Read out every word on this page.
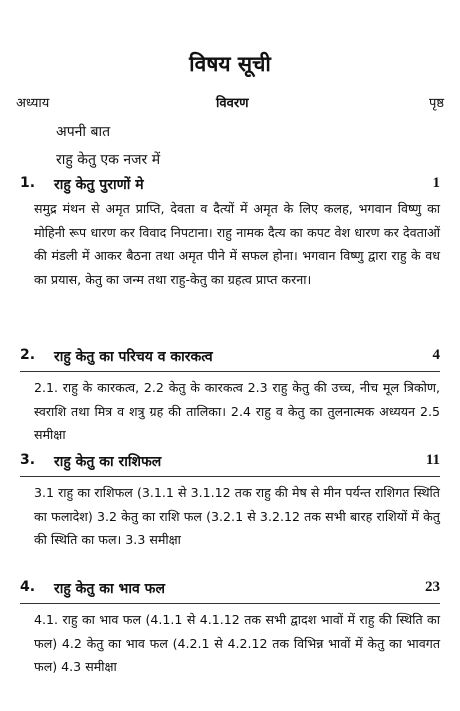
विषय सूची
अध्याय	विवरण	पृष्ठ
अपनी बात
राहु केतु एक नजर में
1.	राहु केतु पुराणों मे	1
समुद्र मंथन से अमृत प्राप्ति, देवता व दैत्यों में अमृत के लिए कलह, भगवान विष्णु का मोहिनी रूप धारण कर विवाद निपटाना। राहु नामक दैत्य का कपट वेश धारण कर देवताओं की मंडली में आकर बैठना तथा अमृत पीने में सफल होना। भगवान विष्णु द्वारा राहु के वध का प्रयास, केतु का जन्म तथा राहु-केतु का ग्रहत्व प्राप्त करना।
2.	राहु केतु का परिचय व कारकत्व	4
2.1. राहु के कारकत्व, 2.2 केतु के कारकत्व 2.3 राहु केतु की उच्च, नीच मूल त्रिकोण, स्वराशि तथा मित्र व शत्रु ग्रह की तालिका। 2.4 राहु व केतु का तुलनात्मक अध्ययन 2.5 समीक्षा
3.	राहु केतु का राशिफल	11
3.1 राहु का राशिफल (3.1.1 से 3.1.12 तक राहु की मेष से मीन पर्यन्त राशिगत स्थिति का फलादेश) 3.2 केतु का राशि फल (3.2.1 से 3.2.12 तक सभी बारह राशियों में केतु की स्थिति का फल। 3.3 समीक्षा
4.	राहु केतु का भाव फल	23
4.1. राहु का भाव फल (4.1.1 से 4.1.12 तक सभी द्वादश भावों में राहु की स्थिति का फल) 4.2 केतु का भाव फल (4.2.1 से 4.2.12 तक विभिन्न भावों में केतु का भावगत फल) 4.3 समीक्षा
